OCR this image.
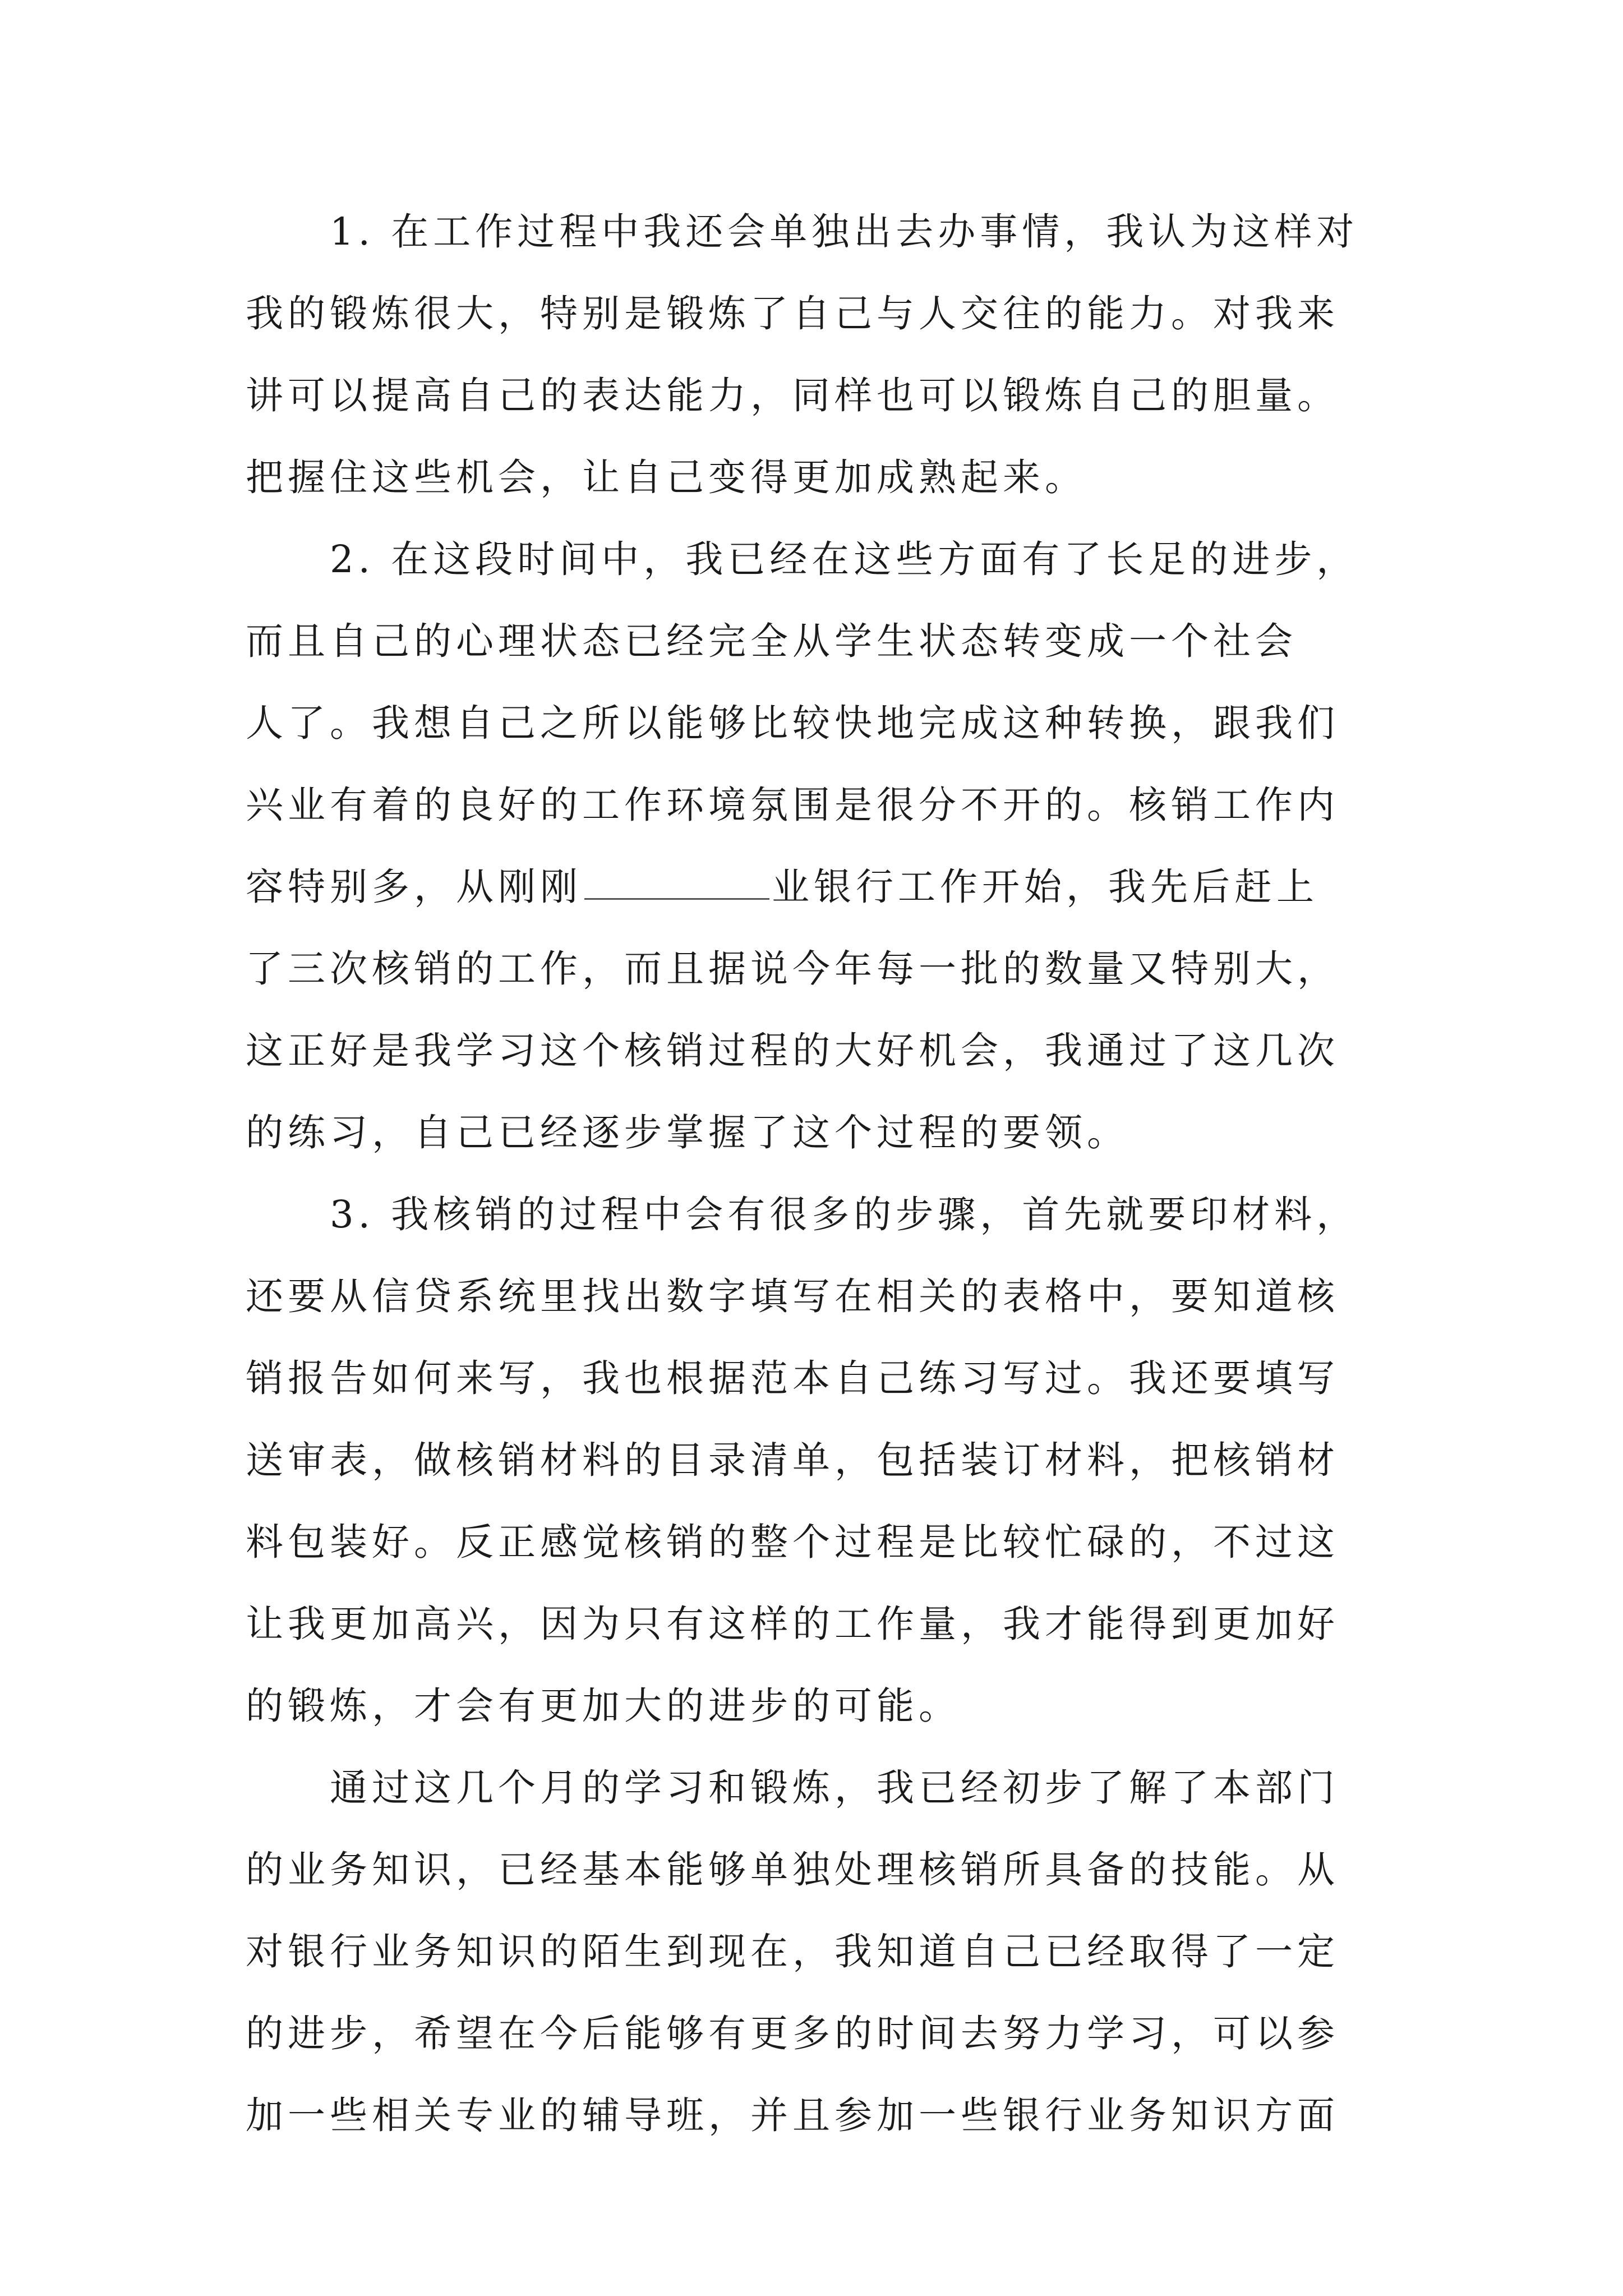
1. 在工作过程中我还会单独出去办事情，我认为这样对
我的锻炼很大，特别是锻炼了自己与人交往的能力。对我来
讲可以提高自己的表达能力，同样也可以锻炼自己的胆量。
把握住这些机会，让自己变得更加成熟起来。
2. 在这段时间中，我已经在这些方面有了长足的进步，
而且自己的心理状态已经完全从学生状态转变成一个社会
人了。我想自己之所以能够比较快地完成这种转换，跟我们
兴业有着的良好的工作环境氛围是很分不开的。核销工作内
容特别多，从刚刚	业银行工作开始，我先后赶上
了三次核销的工作，而且据说今年每一批的数量又特别大，
这正好是我学习这个核销过程的大好机会，我通过了这几次
的练习，自己已经逐步掌握了这个过程的要领。
3. 我核销的过程中会有很多的步骤，首先就要印材料，
还要从信贷系统里找出数字填写在相关的表格中，要知道核
销报告如何来写，我也根据范本自己练习写过。我还要填写
送审表，做核销材料的目录清单，包括装订材料，把核销材
料包装好。反正感觉核销的整个过程是比较忙碌的，不过这
让我更加高兴，因为只有这样的工作量，我才能得到更加好
的锻炼，才会有更加大的进步的可能。
通过这几个月的学习和锻炼，我已经初步了解了本部门
的业务知识，已经基本能够单独处理核销所具备的技能。从
对银行业务知识的陌生到现在，我知道自己已经取得了一定
的进步，希望在今后能够有更多的时间去努力学习，可以参
加一些相关专业的辅导班，并且参加一些银行业务知识方面
